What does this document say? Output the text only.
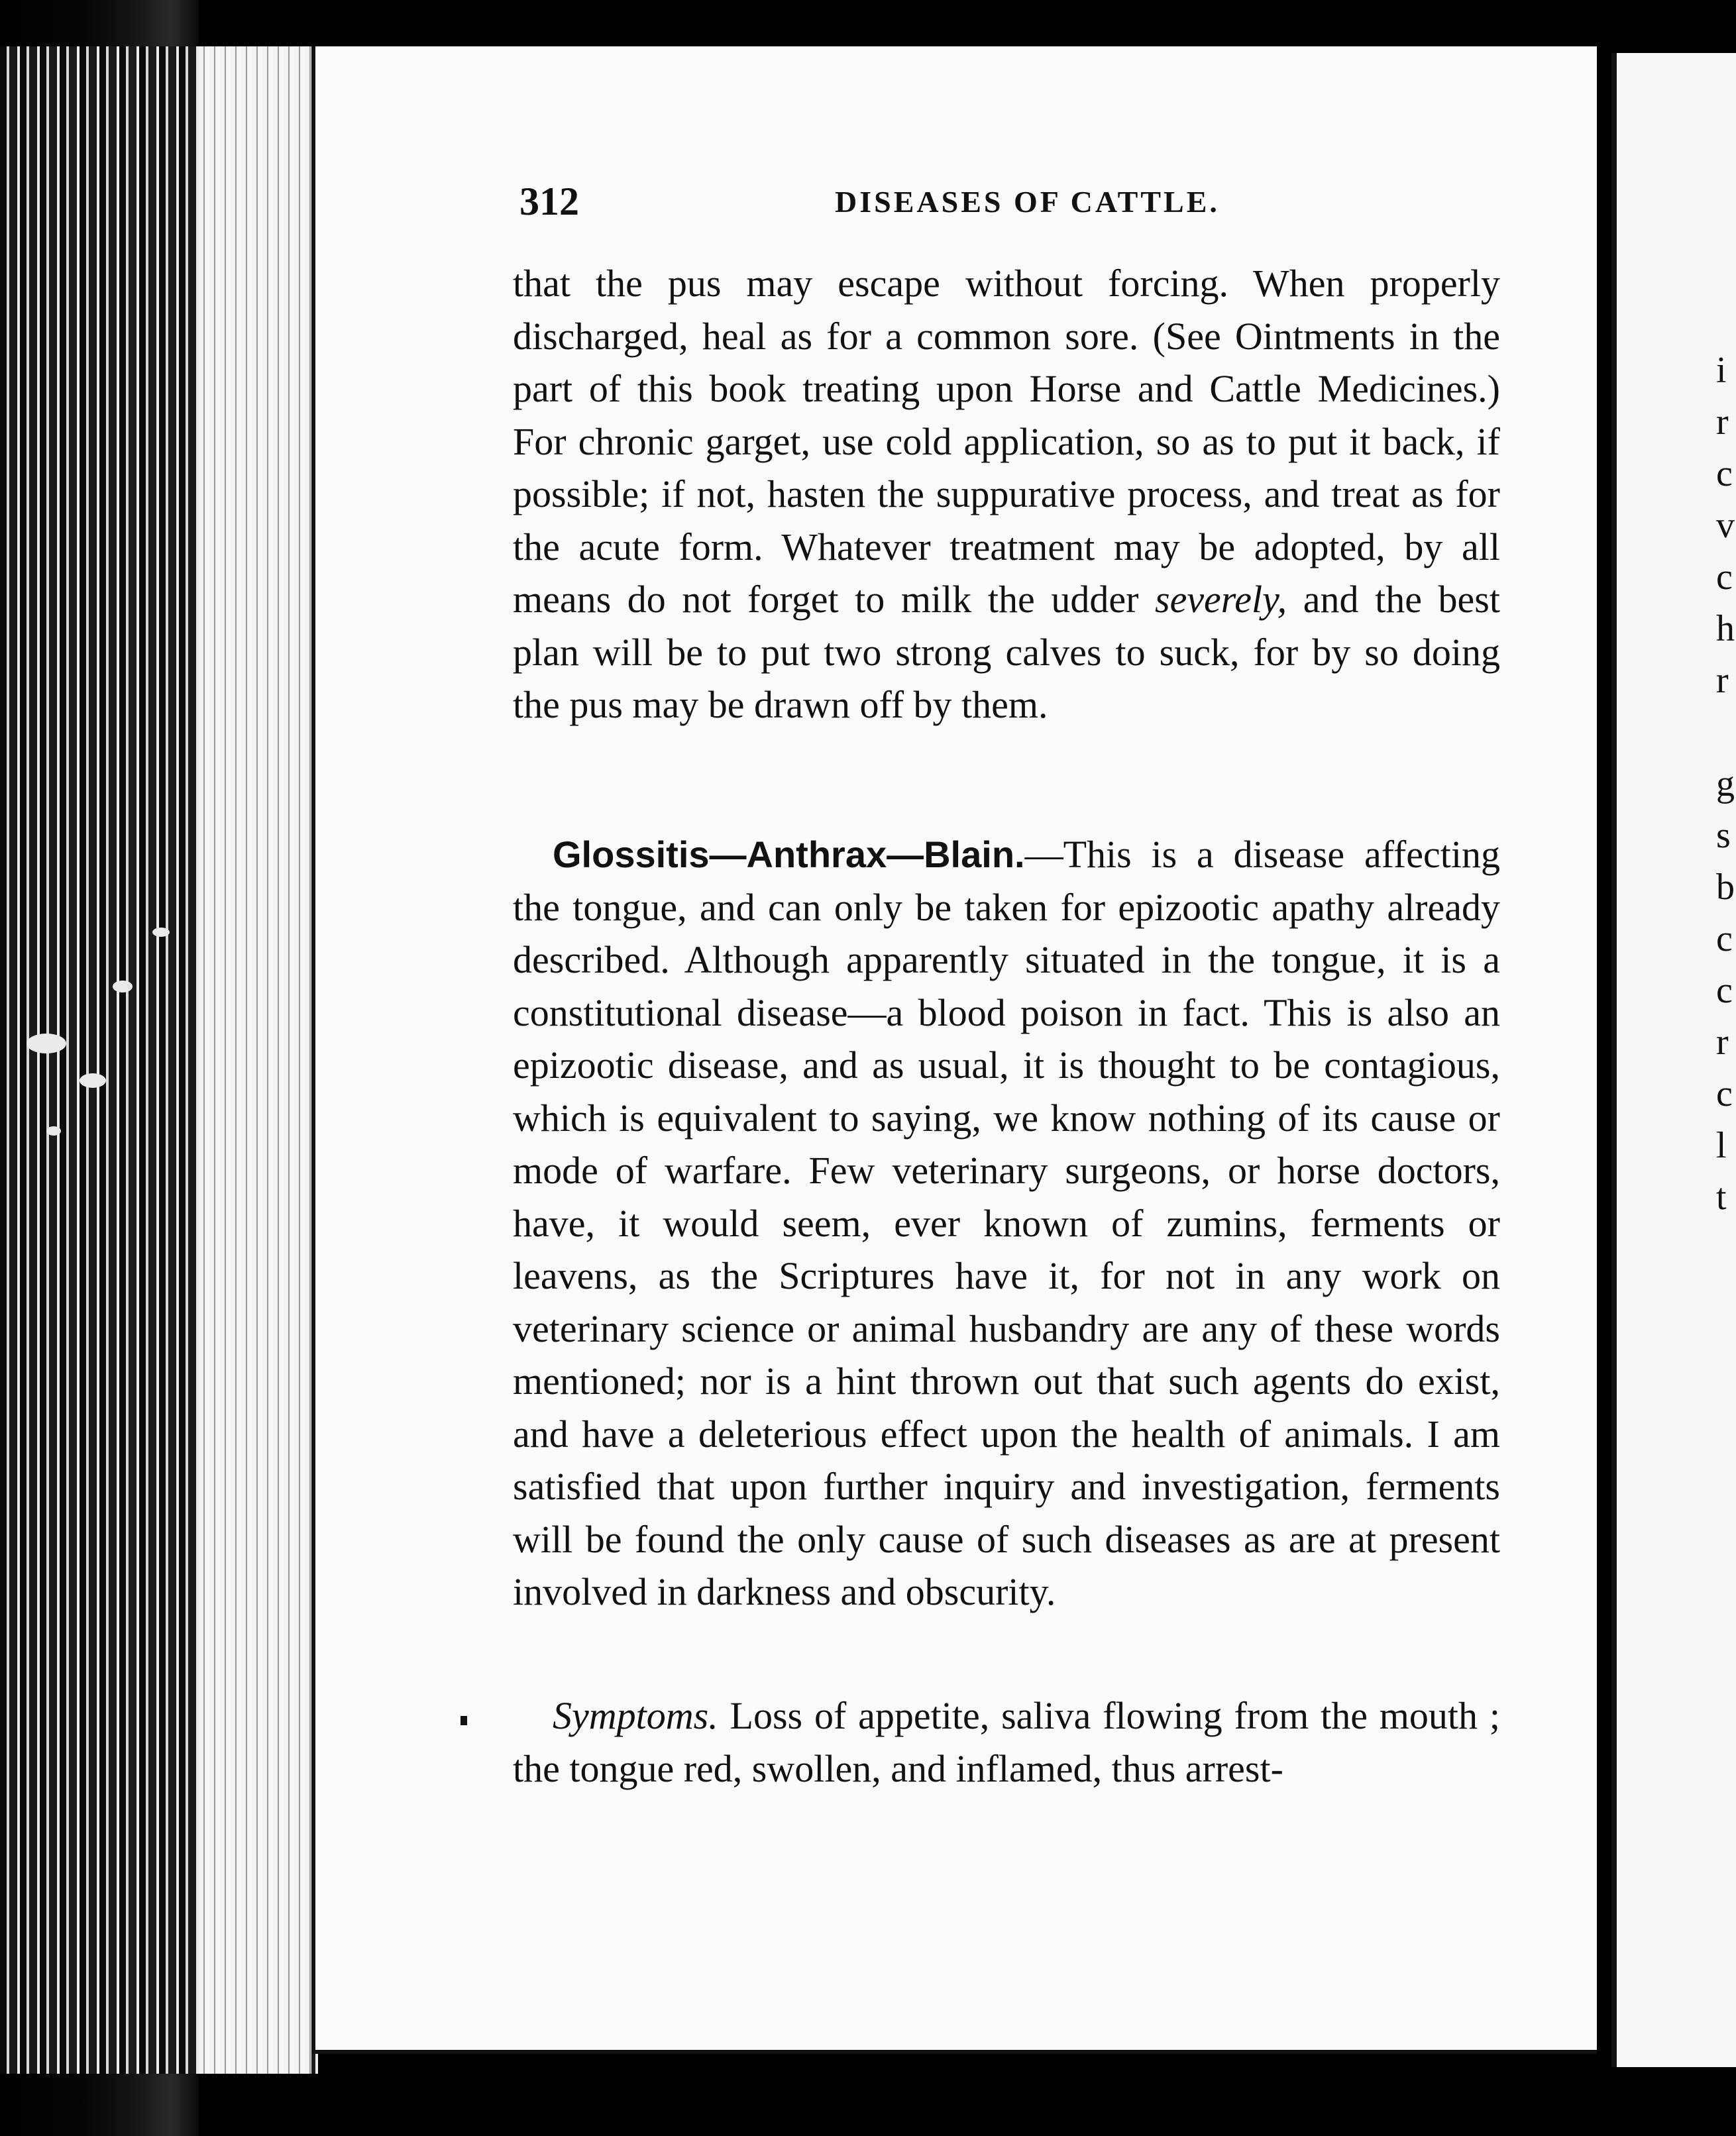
312	DISEASES OF CATTLE.

that the pus may escape without forcing. When properly discharged, heal as for a common sore. (See Ointments in the part of this book treating upon Horse and Cattle Medicines.) For chronic garget, use cold application, so as to put it back, if possible; if not, hasten the suppurative process, and treat as for the acute form. Whatever treatment may be adopted, by all means do not forget to milk the udder severely, and the best plan will be to put two strong calves to suck, for by so doing the pus may be drawn off by them.

Glossitis—Anthrax—Blain.—This is a disease affecting the tongue, and can only be taken for epizootic apathy already described. Although apparently situated in the tongue, it is a constitutional disease—a blood poison in fact. This is also an epizootic disease, and as usual, it is thought to be contagious, which is equivalent to saying, we know nothing of its cause or mode of warfare. Few veterinary surgeons, or horse doctors, have, it would seem, ever known of zumins, ferments or leavens, as the Scriptures have it, for not in any work on veterinary science or animal husbandry are any of these words mentioned; nor is a hint thrown out that such agents do exist, and have a deleterious effect upon the health of animals. I am satisfied that upon further inquiry and investigation, ferments will be found the only cause of such diseases as are at present involved in darkness and obscurity.

Symptoms. Loss of appetite, saliva flowing from the mouth ; the tongue red, swollen, and inflamed, thus arrest-

i
r
c
v
c
h
r
g
s
b
c
c
r
c
l
t
